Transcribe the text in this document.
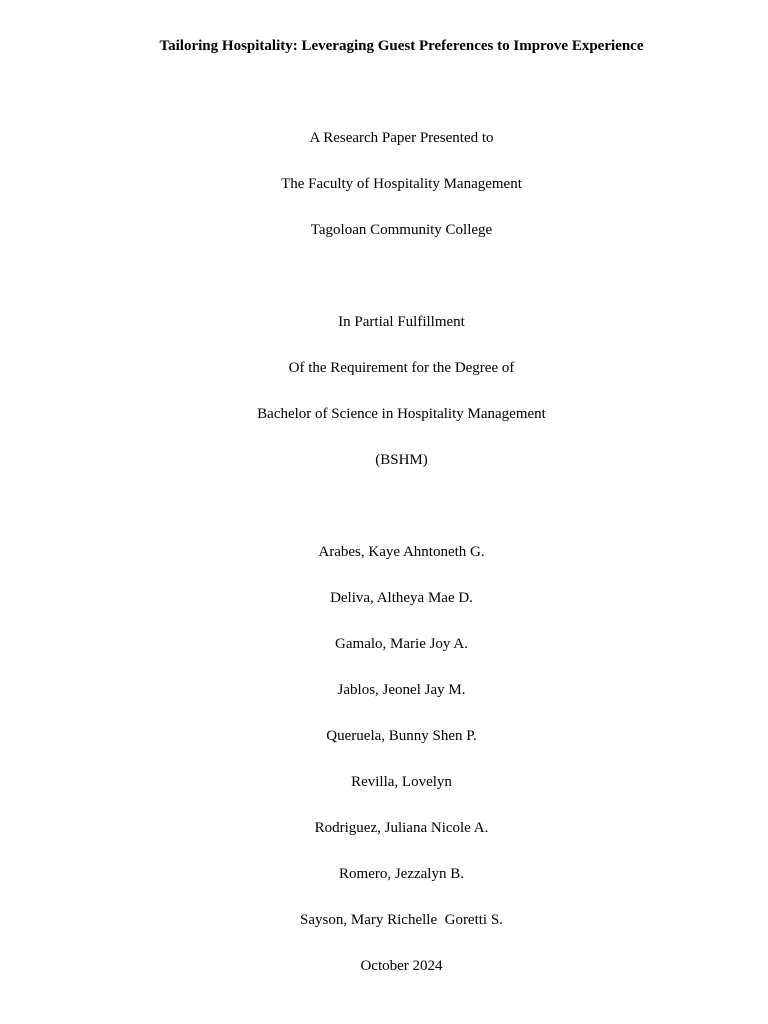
Tailoring Hospitality: Leveraging Guest Preferences to Improve Experience
A Research Paper Presented to
The Faculty of Hospitality Management
Tagoloan Community College
In Partial Fulfillment
Of the Requirement for the Degree of
Bachelor of Science in Hospitality Management
(BSHM)
Arabes, Kaye Ahntoneth G.
Deliva, Altheya Mae D.
Gamalo, Marie Joy A.
Jablos, Jeonel Jay M.
Queruela, Bunny Shen P.
Revilla, Lovelyn
Rodriguez, Juliana Nicole A.
Romero, Jezzalyn B.
Sayson, Mary Richelle  Goretti S.
October 2024
